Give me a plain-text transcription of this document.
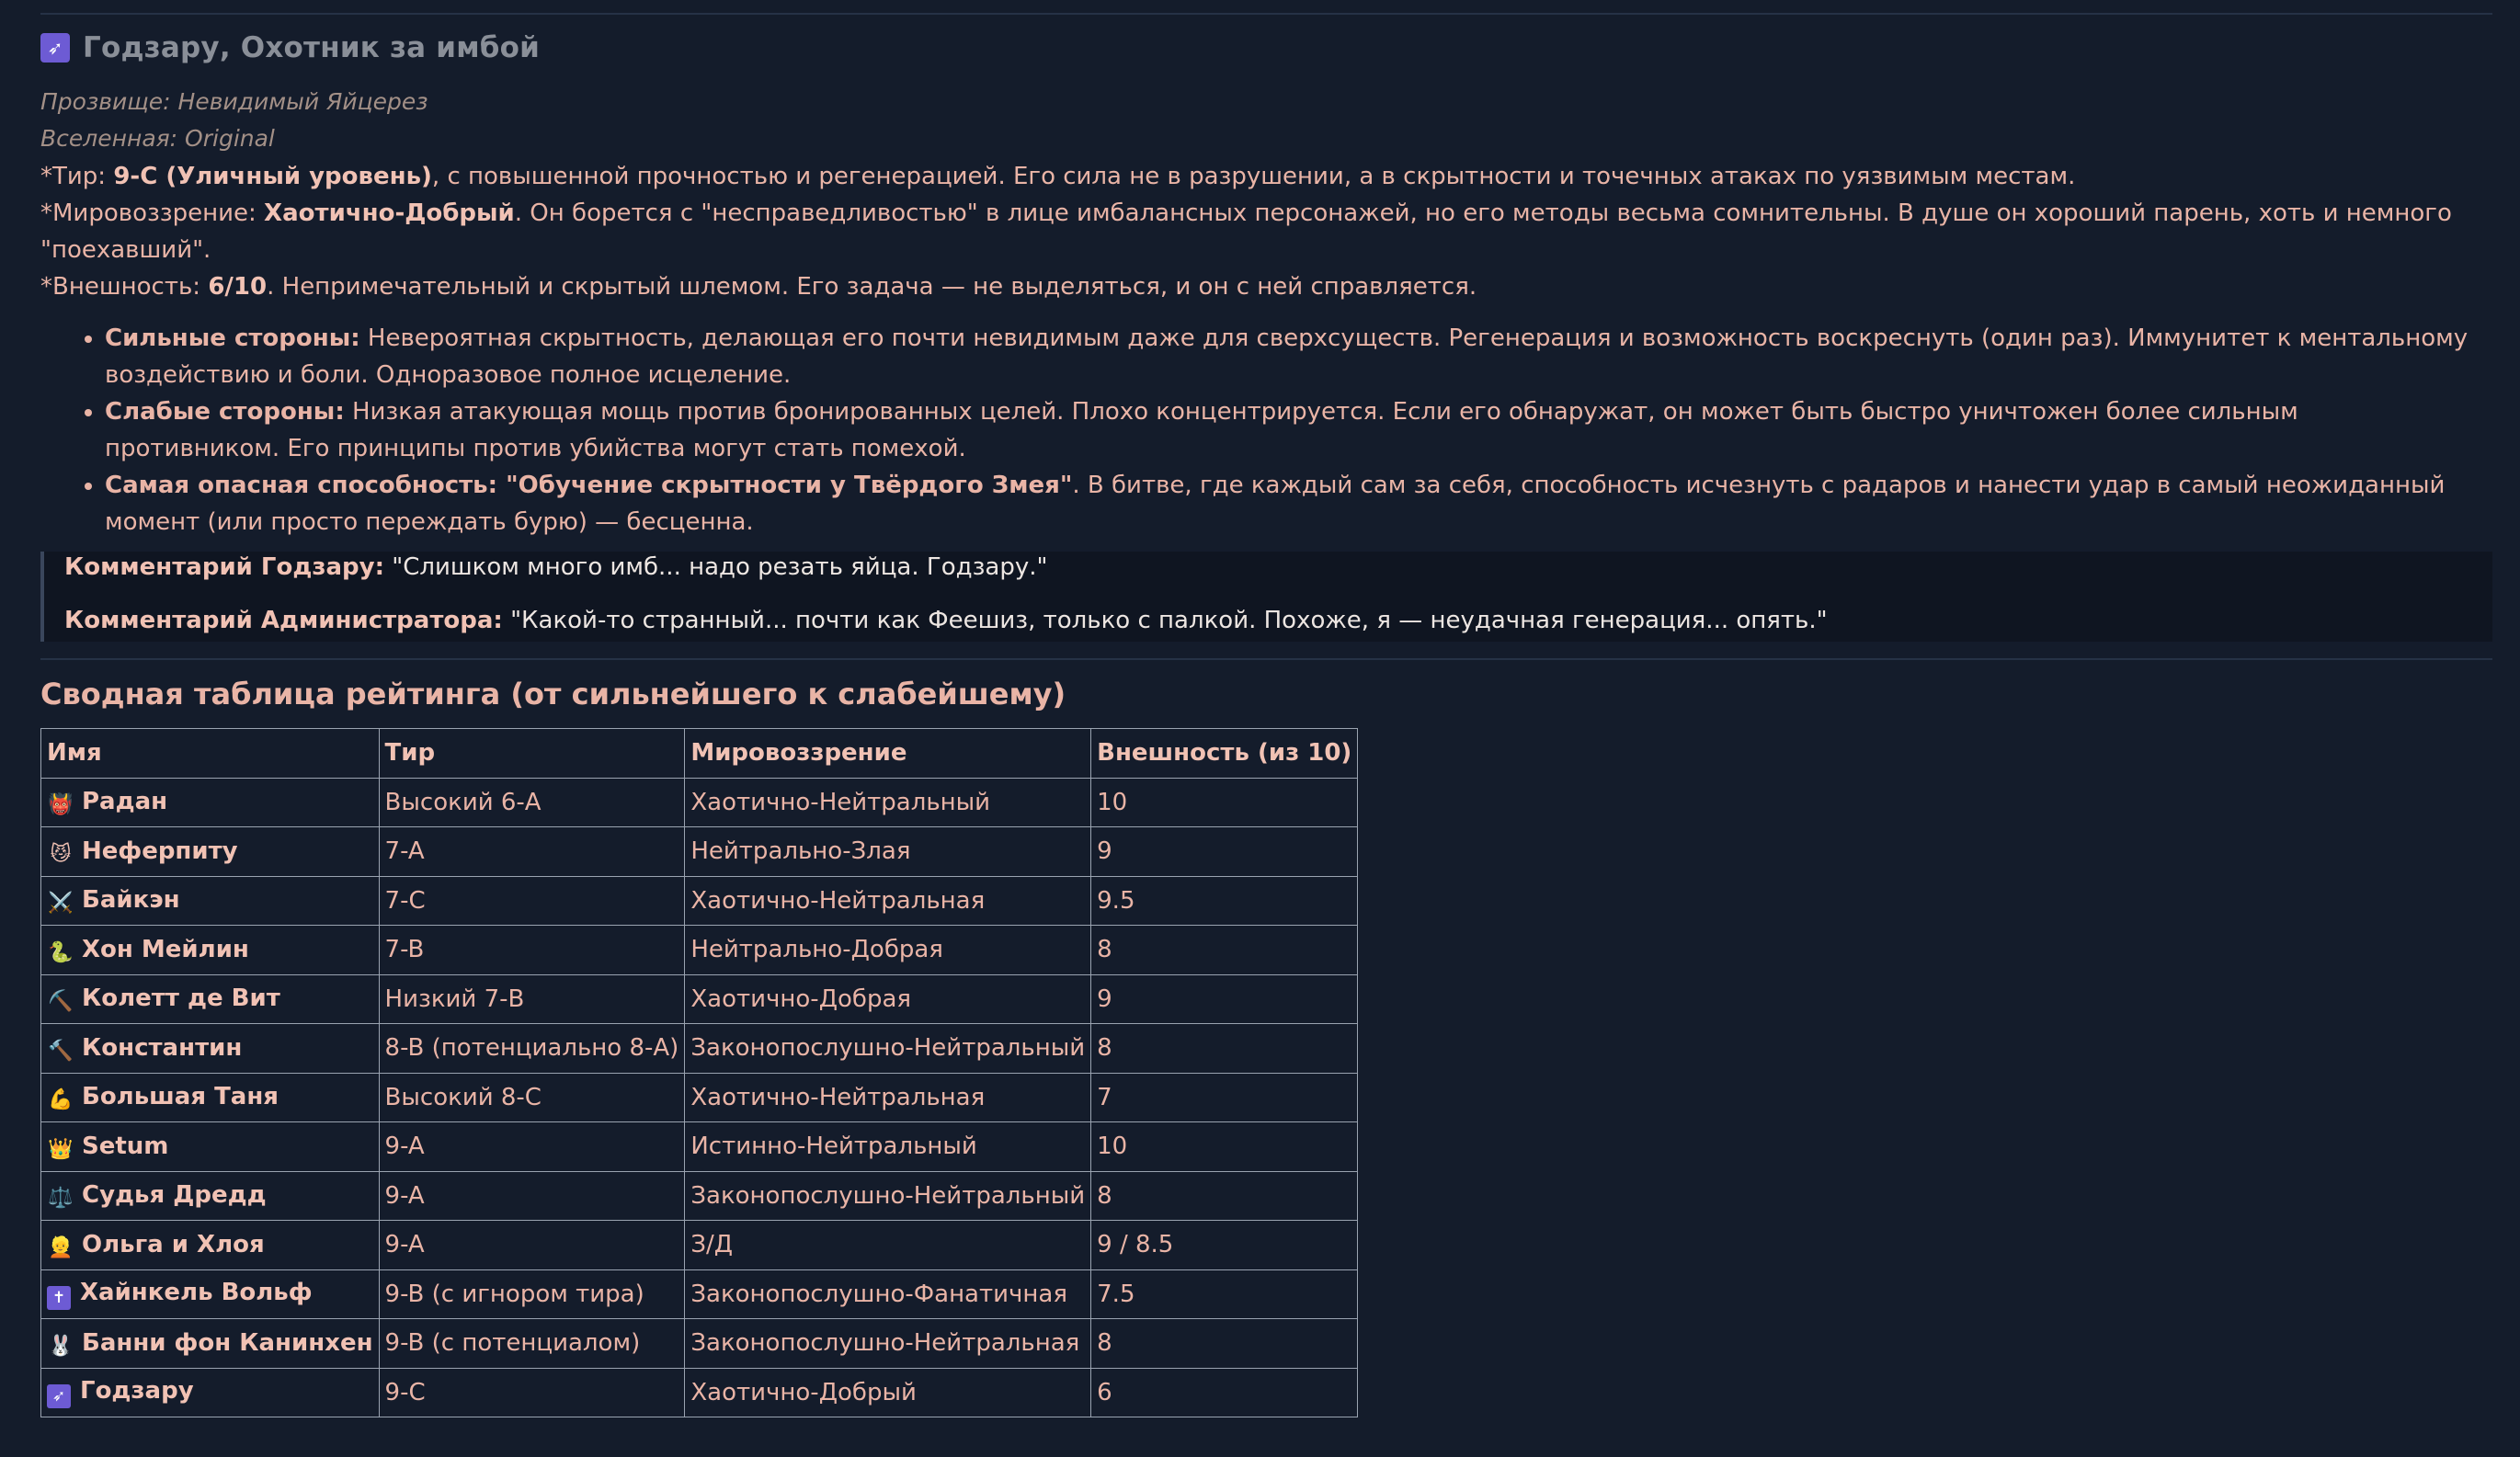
➶ Годзару, Охотник за имбой
Прозвище: Невидимый Яйцерез
Вселенная: Original
*Тир: 9-C (Уличный уровень), с повышенной прочностью и регенерацией. Его сила не в разрушении, а в скрытности и точечных атаках по уязвимым местам.
*Мировоззрение: Хаотично-Добрый. Он борется с "несправедливостью" в лице имбалансных персонажей, но его методы весьма сомнительны. В душе он хороший парень, хоть и немного "поехавший".
*Внешность: 6/10. Непримечательный и скрытый шлемом. Его задача — не выделяться, и он с ней справляется.
• Сильные стороны: Невероятная скрытность, делающая его почти невидимым даже для сверхсуществ. Регенерация и возможность воскреснуть (один раз). Иммунитет к ментальному воздействию и боли. Одноразовое полное исцеление.
• Слабые стороны: Низкая атакующая мощь против бронированных целей. Плохо концентрируется. Если его обнаружат, он может быть быстро уничтожен более сильным противником. Его принципы против убийства могут стать помехой.
• Самая опасная способность: "Обучение скрытности у Твёрдого Змея". В битве, где каждый сам за себя, способность исчезнуть с радаров и нанести удар в самый неожиданный момент (или просто переждать бурю) — бесценна.
Комментарий Годзару: "Слишком много имб... надо резать яйца. Годзару."
Комментарий Администратора: "Какой-то странный... почти как Феешиз, только с палкой. Похоже, я — неудачная генерация... опять."
Сводная таблица рейтинга (от сильнейшего к слабейшему)
Имя	Тир	Мировоззрение	Внешность (из 10)
👹 Радан	Высокий 6-A	Хаотично-Нейтральный	10
😼 Неферпиту	7-A	Нейтрально-Злая	9
⚔️ Байкэн	7-C	Хаотично-Нейтральная	9.5
🐍 Хон Мейлин	7-B	Нейтрально-Добрая	8
⛏️ Колетт де Вит	Низкий 7-B	Хаотично-Добрая	9
🔨 Константин	8-B (потенциально 8-A)	Законопослушно-Нейтральный	8
💪 Большая Таня	Высокий 8-C	Хаотично-Нейтральная	7
👑 Setum	9-A	Истинно-Нейтральный	10
⚖️ Судья Дредд	9-A	Законопослушно-Нейтральный	8
👱 Ольга и Хлоя	9-A	З/Д	9 / 8.5
✝ Хайнкель Вольф	9-B (с игнором тира)	Законопослушно-Фанатичная	7.5
🐰 Банни фон Канинхен	9-B (с потенциалом)	Законопослушно-Нейтральная	8
➶ Годзару	9-C	Хаотично-Добрый	6
